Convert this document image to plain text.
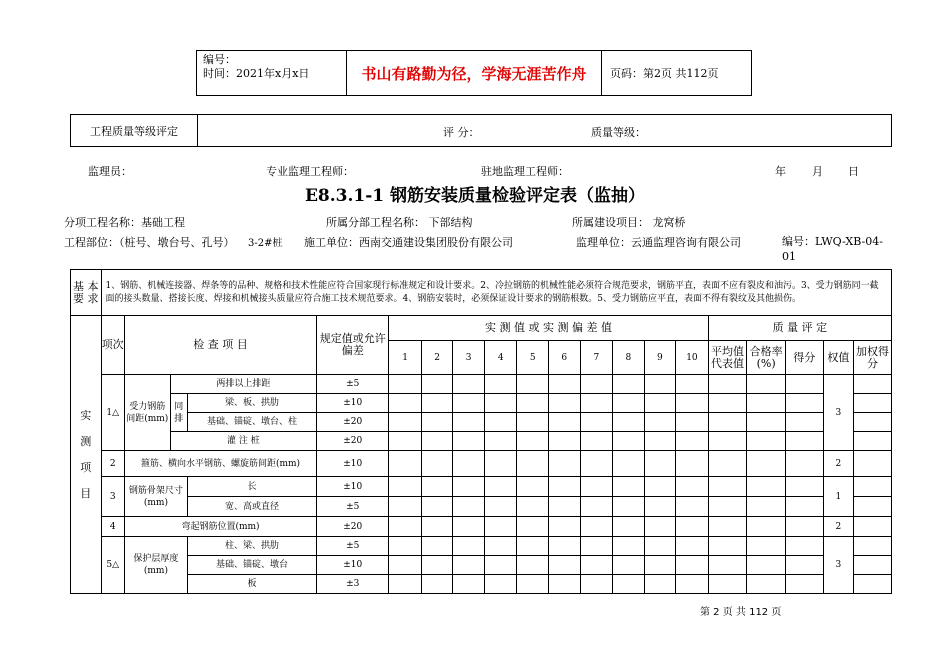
编号：
时间：2021年x月x日	书山有路勤为径，学海无涯苦作舟	页码：第2页 共112页
工程质量等级评定	评 分：	质量等级：
监理员：	专业监理工程师：	驻地监理工程师：	年 月 日
E8.3.1-1 钢筋安装质量检验评定表（监抽）
分项工程名称：基础工程	所属分部工程名称： 下部结构	所属建设项目： 龙窝桥
工程部位：（桩号、墩台号、孔号） 3-2#桩 施工单位：西南交通建设集团股份有限公司	监理单位：云通监理咨询有限公司	编号：LWQ-XB-04-01
基 本 要 求	1、钢筋、机械连接器、焊条等的品种、规格和技术性能应符合国家现行标准规定和设计要求。2、冷拉钢筋的机械性能必须符合规范要求，钢筋平直，表面不应有裂皮和油污。3、受力钢筋同一截面的接头数量、搭接长度、焊接和机械接头质量应符合施工技术规范要求。4、钢筋安装时，必须保证设计要求的钢筋根数。5、受力钢筋应平直，表面不得有裂纹及其他损伤。																			
实 测 项 目	项次	检 查 项 目			规定值或允许偏差	实 测 值 或 实 测 偏 差 值										质 量 评 定				
						1	2	3	4	5	6	7	8	9	10	平均值代表值	合格率(%)	得分	权值	加权得分
	1△	受力钢筋间距(mm)	两排以上排距		±5														3	
			同排	梁、板、拱肋	±10															
				基础、锚碇、墩台、柱	±20															
			灌 注 桩		±20															
	2	箍筋、横向水平钢筋、螺旋筋间距(mm)			±10														2	
	3	钢筋骨架尺寸(mm)		长	±10														1	
				宽、高或直径	±5															
	4	弯起钢筋位置(mm)			±20														2	
	5△	保护层厚度(mm)		柱、梁、拱肋	±5														3	
				基础、锚碇、墩台	±10															
				板	±3															
第 2 页 共 112 页
